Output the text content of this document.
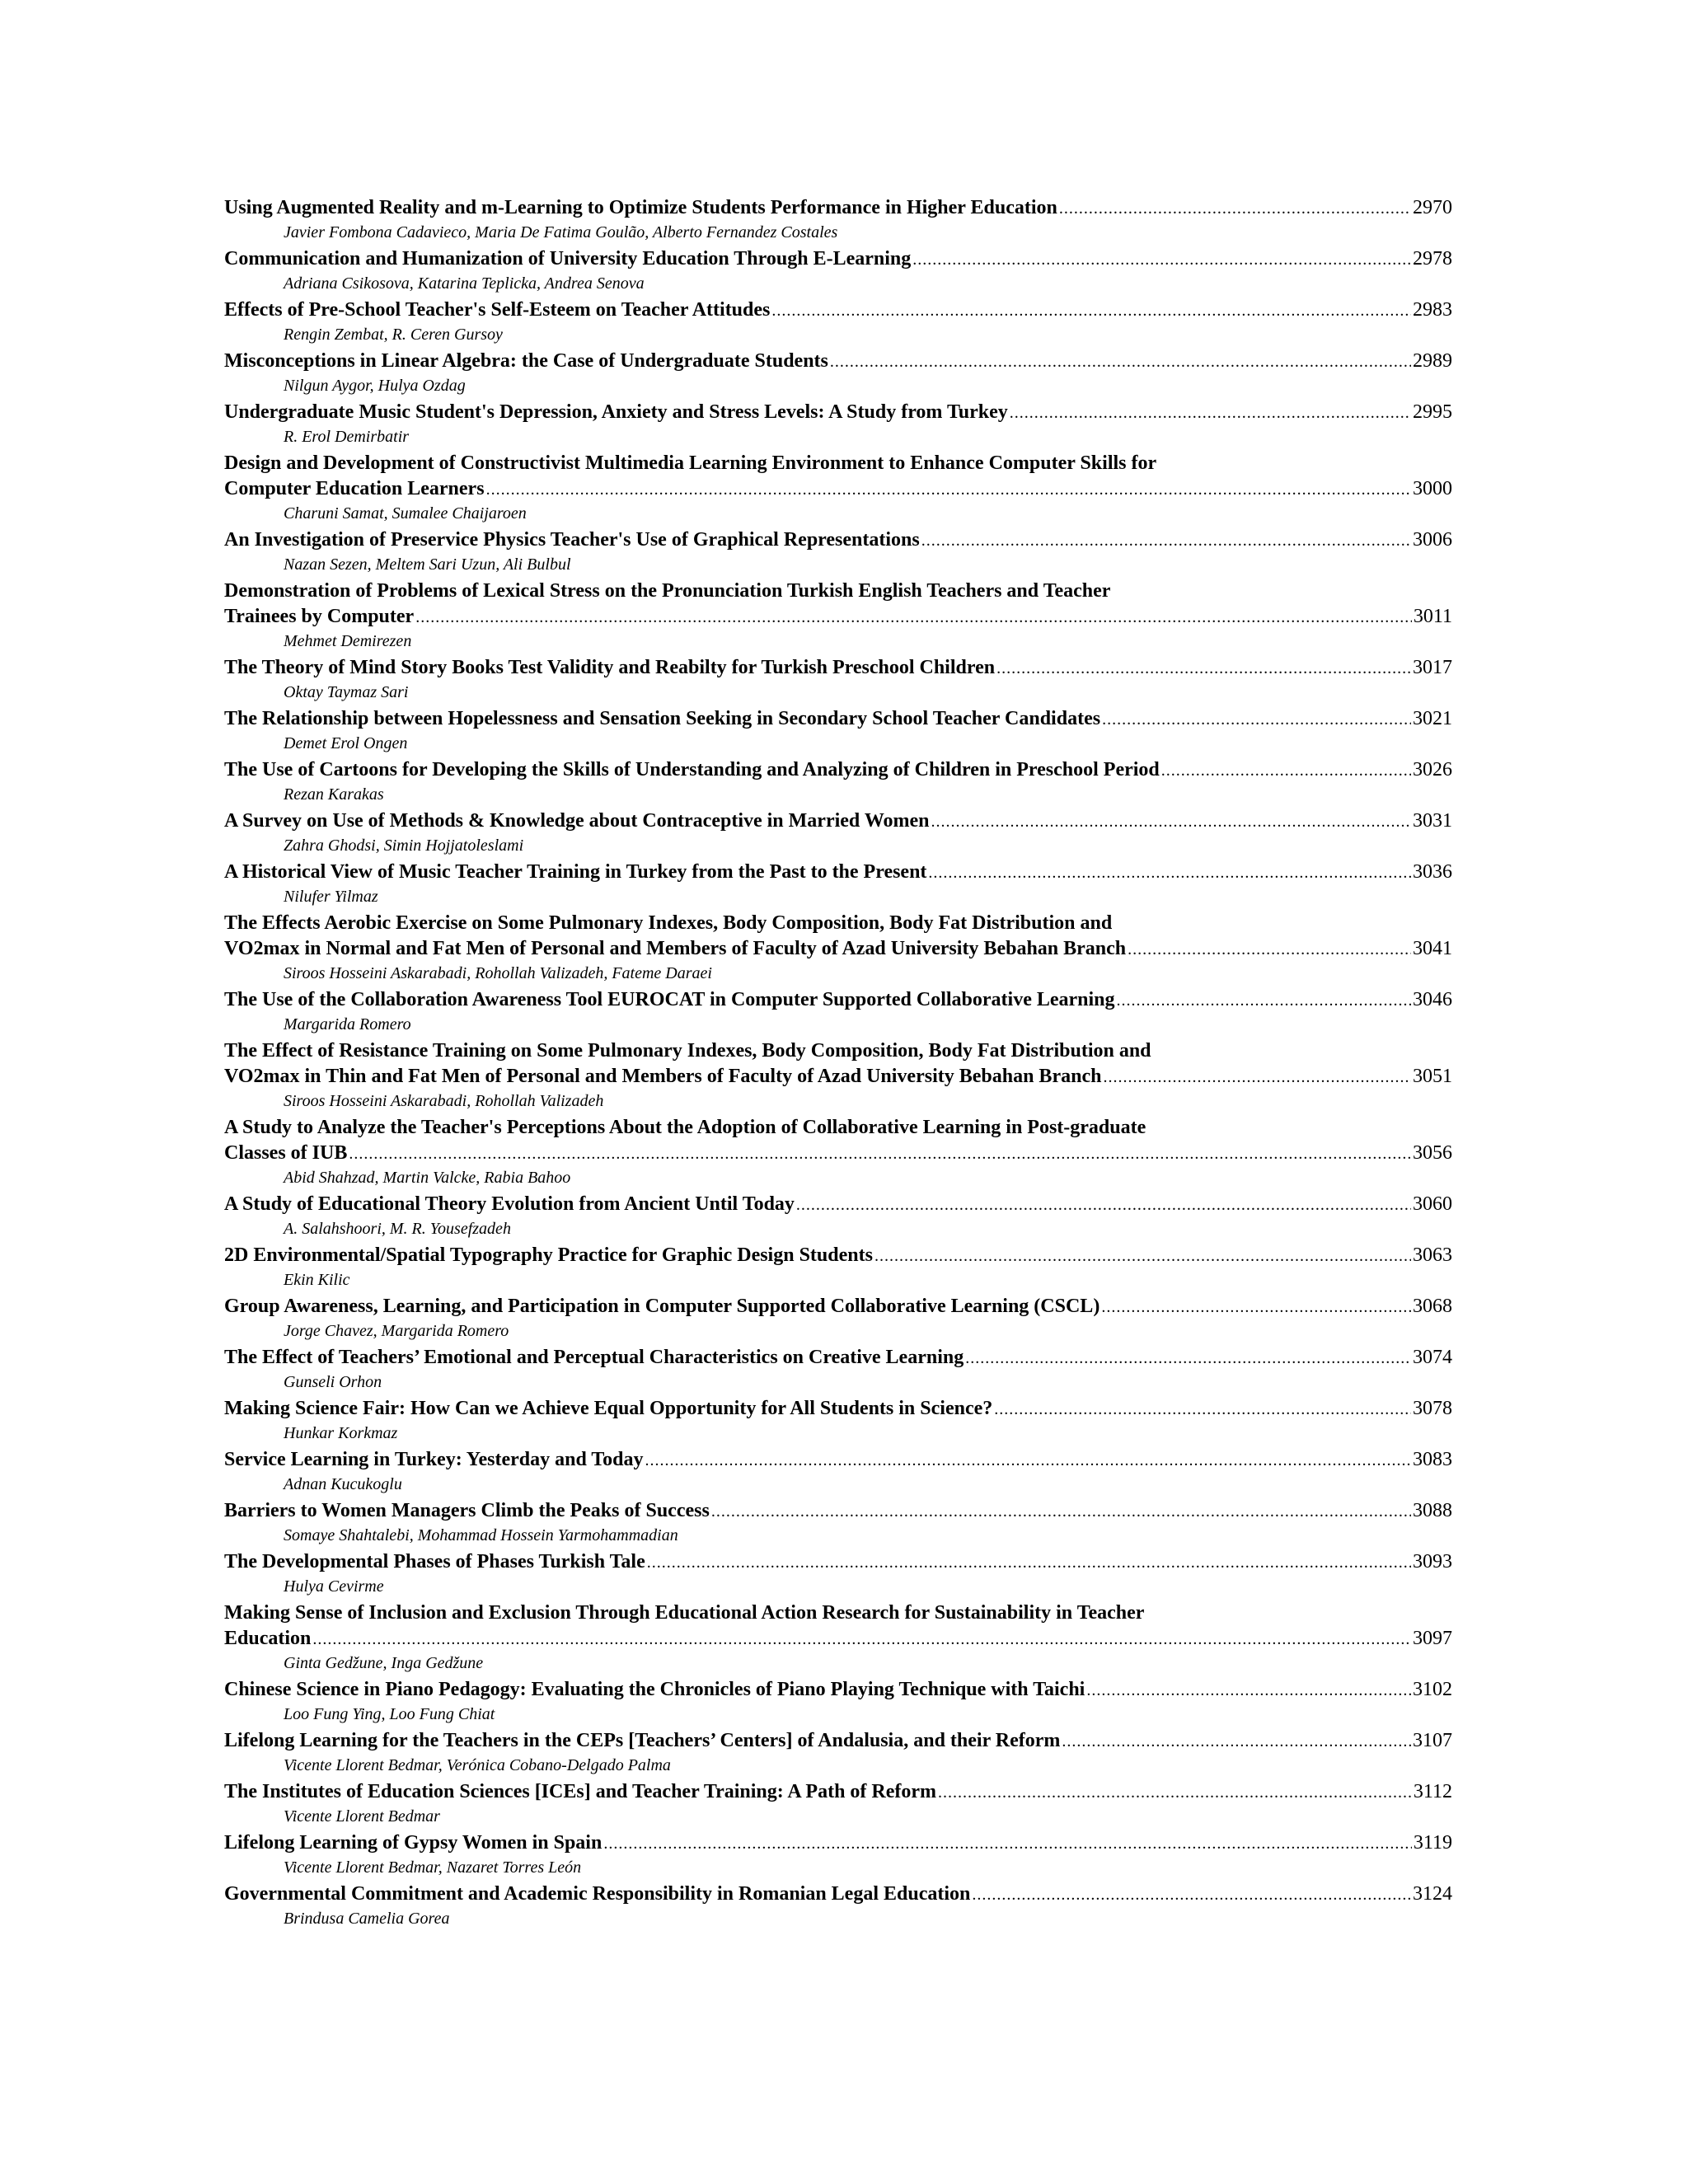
Using Augmented Reality and m-Learning to Optimize Students Performance in Higher Education .....	2970
Javier Fombona Cadavieco, Maria De Fatima Goulão, Alberto Fernandez Costales
Communication and Humanization of University Education Through E-Learning .....	2978
Adriana Csikosova, Katarina Teplicka, Andrea Senova
Effects of Pre-School Teacher's Self-Esteem on Teacher Attitudes .....	2983
Rengin Zembat, R. Ceren Gursoy
Misconceptions in Linear Algebra: the Case of Undergraduate Students .....	2989
Nilgun Aygor, Hulya Ozdag
Undergraduate Music Student's Depression, Anxiety and Stress Levels: A Study from Turkey .....	2995
R. Erol Demirbatir
Design and Development of Constructivist Multimedia Learning Environment to Enhance Computer Skills for
Computer Education Learners .....	3000
Charuni Samat, Sumalee Chaijaroen
An Investigation of Preservice Physics Teacher's Use of Graphical Representations .....	3006
Nazan Sezen, Meltem Sari Uzun, Ali Bulbul
Demonstration of Problems of Lexical Stress on the Pronunciation Turkish English Teachers and Teacher
Trainees by Computer .....	3011
Mehmet Demirezen
The Theory of Mind Story Books Test Validity and Reabilty for Turkish Preschool Children .....	3017
Oktay Taymaz Sari
The Relationship between Hopelessness and Sensation Seeking in Secondary School Teacher Candidates .....	3021
Demet Erol Ongen
The Use of Cartoons for Developing the Skills of Understanding and Analyzing of Children in Preschool Period .....	3026
Rezan Karakas
A Survey on Use of Methods & Knowledge about Contraceptive in Married Women .....	3031
Zahra Ghodsi, Simin Hojjatoleslami
A Historical View of Music Teacher Training in Turkey from the Past to the Present .....	3036
Nilufer Yilmaz
The Effects Aerobic Exercise on Some Pulmonary Indexes, Body Composition, Body Fat Distribution and
VO2max in Normal and Fat Men of Personal and Members of Faculty of Azad University Bebahan Branch .....	3041
Siroos Hosseini Askarabadi, Rohollah Valizadeh, Fateme Daraei
The Use of the Collaboration Awareness Tool EUROCAT in Computer Supported Collaborative Learning .....	3046
Margarida Romero
The Effect of Resistance Training on Some Pulmonary Indexes, Body Composition, Body Fat Distribution and
VO2max in Thin and Fat Men of Personal and Members of Faculty of Azad University Bebahan Branch .....	3051
Siroos Hosseini Askarabadi, Rohollah Valizadeh
A Study to Analyze the Teacher's Perceptions About the Adoption of Collaborative Learning in Post-graduate
Classes of IUB .....	3056
Abid Shahzad, Martin Valcke, Rabia Bahoo
A Study of Educational Theory Evolution from Ancient Until Today .....	3060
A. Salahshoori, M. R. Yousefzadeh
2D Environmental/Spatial Typography Practice for Graphic Design Students .....	3063
Ekin Kilic
Group Awareness, Learning, and Participation in Computer Supported Collaborative Learning (CSCL) .....	3068
Jorge Chavez, Margarida Romero
The Effect of Teachers’ Emotional and Perceptual Characteristics on Creative Learning .....	3074
Gunseli Orhon
Making Science Fair: How Can we Achieve Equal Opportunity for All Students in Science? .....	3078
Hunkar Korkmaz
Service Learning in Turkey: Yesterday and Today .....	3083
Adnan Kucukoglu
Barriers to Women Managers Climb the Peaks of Success .....	3088
Somaye Shahtalebi, Mohammad Hossein Yarmohammadian
The Developmental Phases of Phases Turkish Tale .....	3093
Hulya Cevirme
Making Sense of Inclusion and Exclusion Through Educational Action Research for Sustainability in Teacher
Education .....	3097
Ginta Gedžune, Inga Gedžune
Chinese Science in Piano Pedagogy: Evaluating the Chronicles of Piano Playing Technique with Taichi .....	3102
Loo Fung Ying, Loo Fung Chiat
Lifelong Learning for the Teachers in the CEPs [Teachers’ Centers] of Andalusia, and their Reform .....	3107
Vicente Llorent Bedmar, Verónica Cobano-Delgado Palma
The Institutes of Education Sciences [ICEs] and Teacher Training: A Path of Reform .....	3112
Vicente Llorent Bedmar
Lifelong Learning of Gypsy Women in Spain .....	3119
Vicente Llorent Bedmar, Nazaret Torres León
Governmental Commitment and Academic Responsibility in Romanian Legal Education .....	3124
Brindusa Camelia Gorea
